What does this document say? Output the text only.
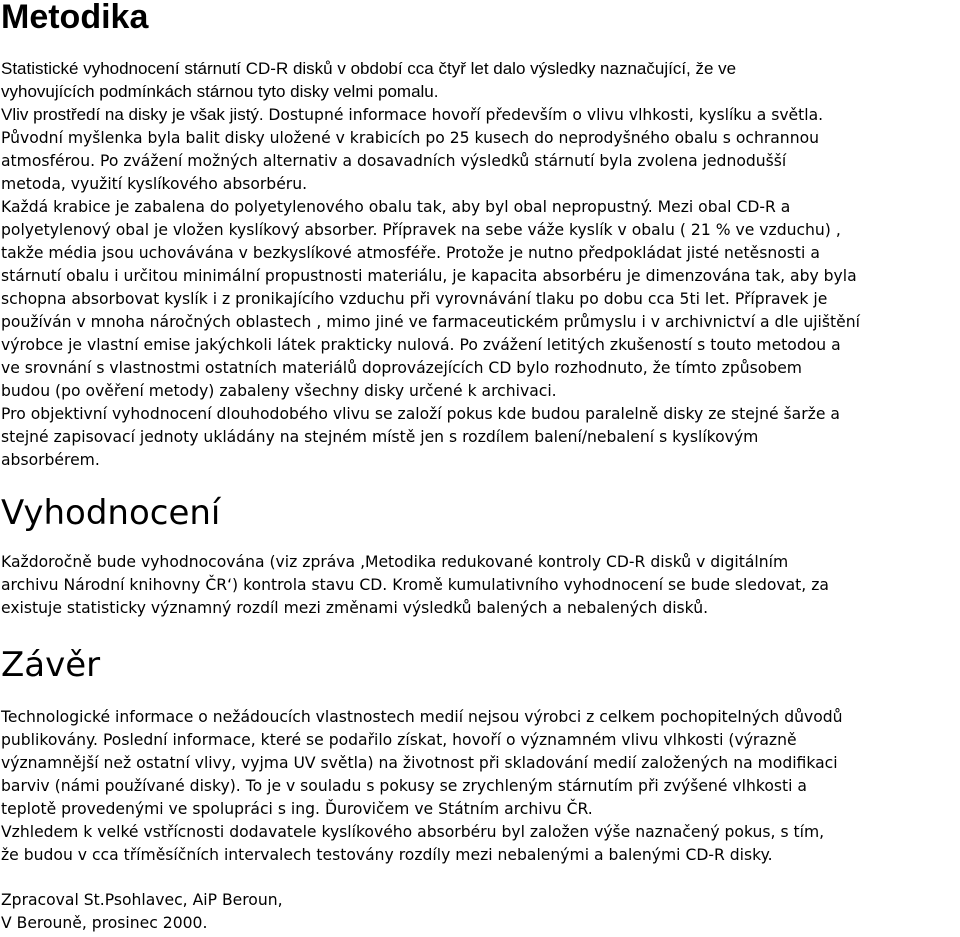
Metodika
Statistické vyhodnocení stárnutí CD-R disků v období cca čtyř let dalo výsledky naznačující, že ve
vyhovujících podmínkách stárnou tyto disky velmi pomalu.
Vliv prostředí na disky je však jistý. Dostupné informace hovoří především o vlivu vlhkosti, kyslíku a světla.
Původní myšlenka byla balit disky uložené v krabicích po 25 kusech do neprodyšného obalu s ochrannou
atmosférou. Po zvážení možných alternativ a dosavadních výsledků stárnutí byla zvolena jednodušší
metoda, využití kyslíkového absorbéru.
Každá krabice je zabalena do polyetylenového obalu tak, aby byl obal nepropustný. Mezi obal CD-R a
polyetylenový obal je vložen kyslíkový absorber. Přípravek na sebe váže kyslík v obalu ( 21 % ve vzduchu) ,
takže média jsou uchovávána v bezkyslíkové atmosféře. Protože je nutno předpokládat jisté netěsnosti a
stárnutí obalu i určitou minimální propustnosti materiálu, je kapacita absorbéru je dimenzována tak, aby byla
schopna absorbovat kyslík i z pronikajícího vzduchu při vyrovnávání tlaku po dobu cca 5ti let. Přípravek je
používán v mnoha náročných oblastech , mimo jiné ve farmaceutickém průmyslu i v archivnictví a dle ujištění
výrobce je vlastní emise jakýchkoli látek prakticky nulová. Po zvážení letitých zkušeností s touto metodou a
ve srovnání s vlastnostmi ostatních materiálů doprovázejících CD bylo rozhodnuto, že tímto způsobem
budou (po ověření metody) zabaleny všechny disky určené k archivaci.
Pro objektivní vyhodnocení dlouhodobého vlivu se založí pokus kde budou paralelně disky ze stejné šarže a
stejné zapisovací jednoty ukládány na stejném místě jen s rozdílem balení/nebalení s kyslíkovým
absorbérem.
Vyhodnocení
Každoročně bude vyhodnocována (viz zpráva ‚Metodika redukované kontroly CD-R disků v digitálním
archivu Národní knihovny ČR‘) kontrola stavu CD. Kromě kumulativního vyhodnocení se bude sledovat, za
existuje statisticky významný rozdíl mezi změnami výsledků balených a nebalených disků.
Závěr
Technologické informace o nežádoucích vlastnostech medií nejsou výrobci z celkem pochopitelných důvodů
publikovány. Poslední informace, které se podařilo získat, hovoří o významném vlivu vlhkosti (výrazně
významnější než ostatní vlivy, vyjma UV světla) na životnost při skladování medií založených na modifikaci
barviv (námi používané disky). To je v souladu s pokusy se zrychleným stárnutím při zvýšené vlhkosti a
teplotě provedenými ve spolupráci s ing. Ďurovičem ve Státním archivu ČR.
Vzhledem k velké vstřícnosti dodavatele kyslíkového absorbéru byl založen výše naznačený pokus, s tím,
že budou v cca tříměsíčních intervalech testovány rozdíly mezi nebalenými a balenými CD-R disky.
Zpracoval St.Psohlavec, AiP Beroun,
V Berouně, prosinec 2000.
